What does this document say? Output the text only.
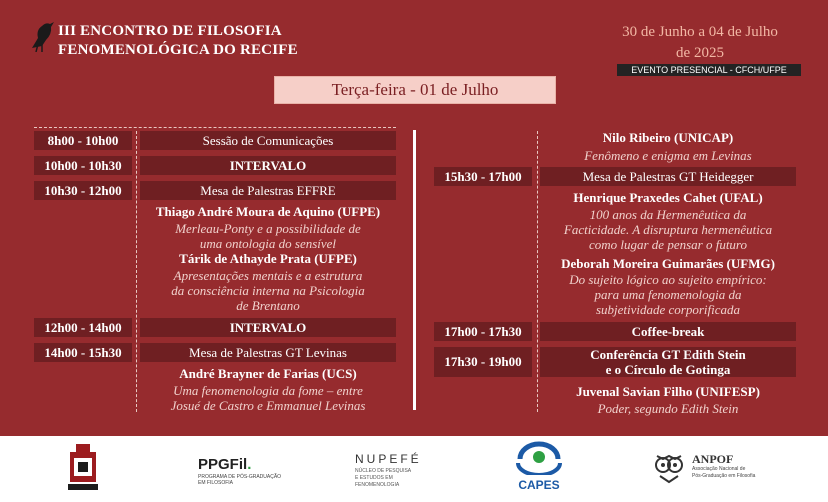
III ENCONTRO DE FILOSOFIA
FENOMENOLÓGICA DO RECIFE
30 de Junho a 04 de Julho
de 2025
EVENTO PRESENCIAL - CFCH/UFPE
Terça-feira - 01 de Julho
8h00 - 10h00	Sessão de Comunicações
10h00 - 10h30	INTERVALO
10h30 - 12h00	Mesa de Palestras EFFRE
Thiago André Moura de Aquino (UFPE)
Merleau-Ponty e a possibilidade de
uma ontologia do sensível
Tárik de Athayde Prata (UFPE)
Apresentações mentais e a estrutura
da consciência interna na Psicologia
de Brentano
12h00 - 14h00	INTERVALO
14h00 - 15h30	Mesa de Palestras GT Levinas
André Brayner de Farias (UCS)
Uma fenomenologia da fome – entre
Josué de Castro e Emmanuel Levinas
Nilo Ribeiro (UNICAP)
Fenômeno e enigma em Levinas
15h30 - 17h00	Mesa de Palestras GT Heidegger
Henrique Praxedes Cahet (UFAL)
100 anos da Hermenêutica da
Facticidade. A disruptura hermenêutica
como lugar de pensar o futuro
Deborah Moreira Guimarães (UFMG)
Do sujeito lógico ao sujeito empírico:
para uma fenomenologia da
subjetividade corporificada
17h00 - 17h30	Coffee-break
17h30 - 19h00	Conferência GT Edith Stein
e o Círculo de Gotinga
Juvenal Savian Filho (UNIFESP)
Poder, segundo Edith Stein
PPGFil.
PROGRAMA DE PÓS-GRADUAÇÃO EM FILOSOFIA
NUPEFÉ
NÚCLEO DE PESQUISA
E ESTUDOS EM FENOMENOLOGIA	CAPES
ANPOF
Associação Nacional de
Pós-Graduação em Filosofia
